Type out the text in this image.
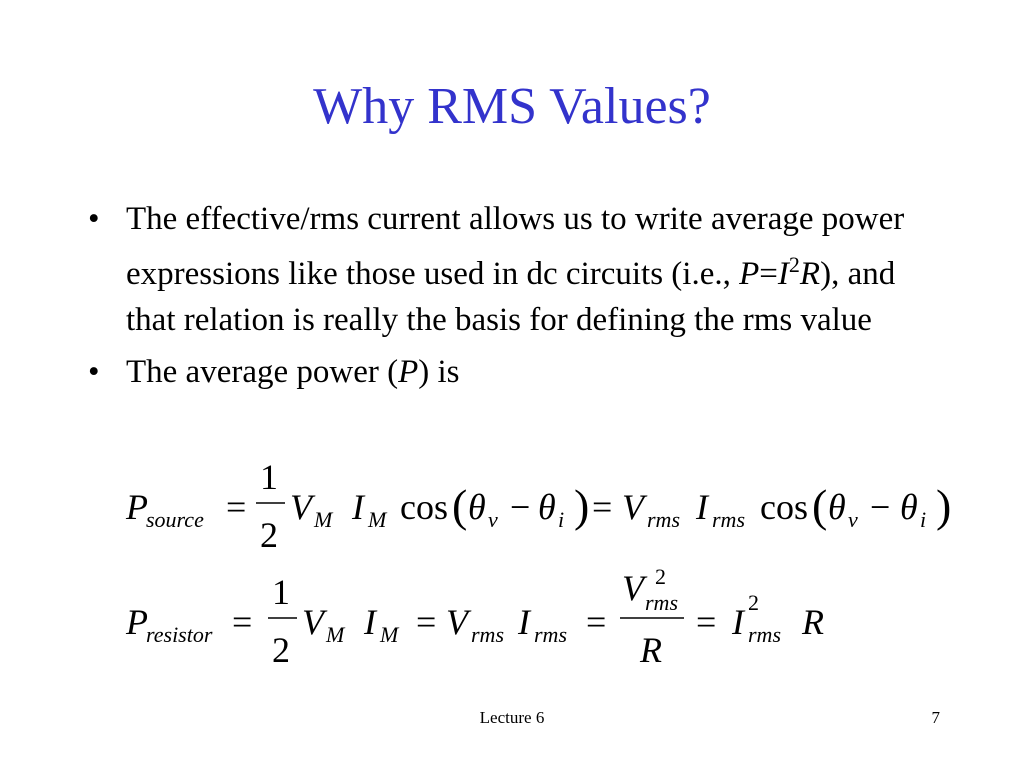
Why RMS Values?
• The effective/rms current allows us to write average power expressions like those used in dc circuits (i.e., $P=I^2R$), and that relation is really the basis for defining the rms value
• The average power (P) is
P
source =
1
2
V M I M cos ( θ v − θ i ) = V rms I rms cos ( θ v − θ i )
P
resistor =
1
2
V M I M = V rms I rms =
V 2
rms
R
= I 2
rms R
Lecture 6	7
